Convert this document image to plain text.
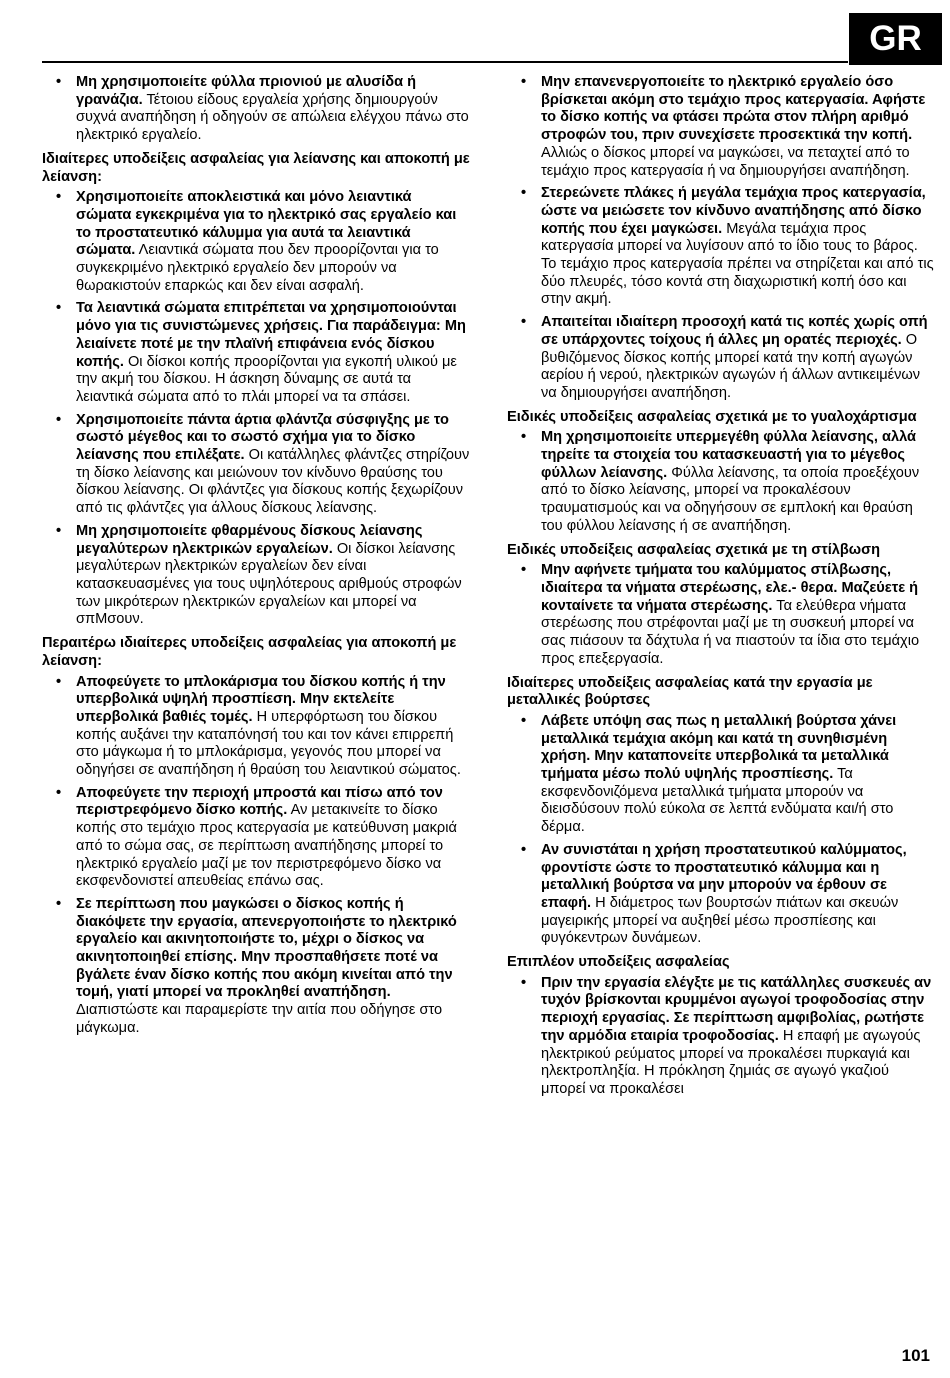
GR
• Μη χρησιμοποιείτε φύλλα πριονιού με αλυσίδα ή γρανάζια. Τέτοιου είδους εργαλεία χρήσης δημιουργούν συχνά αναπήδηση ή οδηγούν σε απώλεια ελέγχου πάνω στο ηλεκτρικό εργαλείο.
Ιδιαίτερες υποδείξεις ασφαλείας για λείανσης και αποκοπή με λείανση:
• Χρησιμοποιείτε αποκλειστικά και μόνο λειαντικά σώματα εγκεκριμένα για το ηλεκτρικό σας εργαλείο και το προστατευτικό κάλυμμα για αυτά τα λειαντικά σώματα. Λειαντικά σώματα που δεν προορίζονται για το συγκεκριμένο ηλεκτρικό εργαλείο δεν μπορούν να θωρακιστούν επαρκώς και δεν είναι ασφαλή.
• Τα λειαντικά σώματα επιτρέπεται να χρησιμοποιούνται μόνο για τις συνιστώμενες χρήσεις. Για παράδειγμα: Μη λειαίνετε ποτέ με την πλαϊνή επιφάνεια ενός δίσκου κοπής. Οι δίσκοι κοπής προορίζονται για εγκοπή υλικού με την ακμή του δίσκου. Η άσκηση δύναμης σε αυτά τα λειαντικά σώματα από το πλάι μπορεί να τα σπάσει.
• Χρησιμοποιείτε πάντα άρτια φλάντζα σύσφιγξης με το σωστό μέγεθος και το σωστό σχήμα για το δίσκο λείανσης που επιλέξατε. Οι κατάλληλες φλάντζες στηρίζουν τη δίσκο λείανσης και μειώνουν τον κίνδυνο θραύσης του δίσκου λείανσης. Οι φλάντζες για δίσκους κοπής ξεχωρίζουν από τις φλάντζες για άλλους δίσκους λείανσης.
• Μη χρησιμοποιείτε φθαρμένους δίσκους λείανσης μεγαλύτερων ηλεκτρικών εργαλείων. Οι δίσκοι λείανσης μεγαλύτερων ηλεκτρικών εργαλείων δεν είναι κατασκευασμένες για τους υψηλότερους αριθμούς στροφών των μικρότερων ηλεκτρικών εργαλείων και μπορεί να σπΜσουν.
Περαιτέρω ιδιαίτερες υποδείξεις ασφαλείας για αποκοπή με λείανση:
• Αποφεύγετε το μπλοκάρισμα του δίσκου κοπής ή την υπερβολικά υψηλή πρoσπίεση. Μην εκτελείτε υπερβολικά βαθιές τομές. Η υπερφόρτωση του δίσκου κοπής αυξάνει την καταπόνησή του και τον κάνει επιρρεπή στο μάγκωμα ή το μπλοκάρισμα, γεγονός που μπορεί να οδηγήσει σε αναπήδηση ή θραύση του λειαντικού σώματος.
• Αποφεύγετε την περιοχή μπροστά και πίσω από τον περιστρεφόμενο δίσκο κοπής. Αν μετακινείτε το δίσκο κοπής στο τεμάχιο προς κατεργασία με κατεύθυνση μακριά από το σώμα σας, σε περίπτωση αναπήδησης μπορεί το ηλεκτρικό εργαλείο μαζί με τον περιστρεφόμενο δίσκο να εκσφενδονιστεί απευθείας επάνω σας.
• Σε περίπτωση που μαγκώσει ο δίσκος κοπής ή διακόψετε την εργασία, απενεργοποιήστε το ηλεκτρικό εργαλείο και ακινητοποιήστε το, μέχρι ο δίσκος να ακινητοποιηθεί επίσης. Μην προσπαθήσετε ποτέ να βγάλετε έναν δίσκο κοπής που ακόμη κινείται από την τομή, γιατί μπορεί να προκληθεί αναπήδηση. Διαπιστώστε και παραμερίστε την αιτία που οδήγησε στο μάγκωμα.
• Μην επανενεργοποιείτε το ηλεκτρικό εργαλείο όσο βρίσκεται ακόμη στο τεμάχιο προς κατεργασία. Αφήστε το δίσκο κοπής να φτάσει πρώτα στον πλήρη αριθμό στροφών του, πριν συνεχίσετε προσεκτικά την κοπή. Αλλιώς ο δίσκος μπορεί να μαγκώσει, να πεταχτεί από το τεμάχιο προς κατεργασία ή να δημιουργήσει αναπήδηση.
• Στερεώνετε πλάκες ή μεγάλα τεμάχια προς κατεργασία, ώστε να μειώσετε τον κίνδυνο αναπήδησης από δίσκο κοπής που έχει μαγκώσει. Μεγάλα τεμάχια προς κατεργασία μπορεί να λυγίσουν από το ίδιο τους το βάρος. Το τεμάχιο προς κατεργασία πρέπει να στηρίζεται και από τις δύο πλευρές, τόσο κοντά στη διαχωριστική κοπή όσο και στην ακμή.
• Απαιτείται ιδιαίτερη προσοχή κατά τις κοπές χωρίς οπή σε υπάρχοντες τοίχους ή άλλες μη ορατές περιοχές. Ο βυθιζόμενος δίσκος κοπής μπορεί κατά την κοπή αγωγών αερίου ή νερού, ηλεκτρικών αγωγών ή άλλων αντικειμένων να δημιουργήσει αναπήδηση.
Ειδικές υποδείξεις ασφαλείας σχετικά με το γυαλοχάρτισμα
• Μη χρησιμοποιείτε υπερμεγέθη φύλλα λείανσης, αλλά τηρείτε τα στοιχεία του κατασκευαστή για το μέγεθος φύλλων λείανσης. Φύλλα λείανσης, τα οποία προεξέχουν από το δίσκο λείανσης, μπορεί να προκαλέσουν τραυματισμούς και να οδηγήσουν σε εμπλοκή και θραύση του φύλλου λείανσης ή σε αναπήδηση.
Ειδικές υποδείξεις ασφαλείας σχετικά με τη στίλβωση
• Μην αφήνετε τμήματα του καλύμματος στίλβωσης, ιδιαίτερα τα νήματα στερέωσης, ελε.- θερα. Μαζεύετε ή κονταίνετε τα νήματα στερέωσης. Τα ελεύθερα νήματα στερέωσης που στρέφονται μαζί με τη συσκευή μπορεί να σας πιάσουν τα δάχτυλα ή να πιαστούν τα ίδια στο τεμάχιο προς επεξεργασία.
Ιδιαίτερες υποδείξεις ασφαλείας κατά την εργασία με μεταλλικές βούρτσες
• Λάβετε υπόψη σας πως η μεταλλική βούρτσα χάνει μεταλλικά τεμάχια ακόμη και κατά τη συνηθισμένη χρήση. Μην καταπονείτε υπερβολικά τα μεταλλικά τμήματα μέσω πολύ υψηλής προσπίεσης. Τα εκσφενδονιζόμενα μεταλλικά τμήματα μπορούν να διεισδύσουν πολύ εύκολα σε λεπτά ενδύματα και/ή στο δέρμα.
• Αν συνιστάται η χρήση προστατευτικού καλύμματος, φροντίστε ώστε το προστατευτικό κάλυμμα και η μεταλλική βούρτσα να μην μπορούν να έρθουν σε επαφή. Η διάμετρος των βουρτσών πιάτων και σκευών μαγειρικής μπορεί να αυξηθεί μέσω προσπίεσης και φυγόκεντρων δυνάμεων.
Επιπλέον υποδείξεις ασφαλείας
• Πριν την εργασία ελέγξτε με τις κατάλληλες συσκευές αν τυχόν βρίσκονται κρυμμένοι αγωγοί τροφοδοσίας στην περιοχή εργασίας. Σε περίπτωση αμφιβολίας, ρωτήστε την αρμόδια εταιρία τροφοδοσίας. Η επαφή με αγωγούς ηλεκτρικού ρεύματος μπορεί να προκαλέσει πυρκαγιά και ηλεκτροπληξία. Η πρόκληση ζημιάς σε αγωγό γκαζιού μπορεί να προκαλέσει
101
